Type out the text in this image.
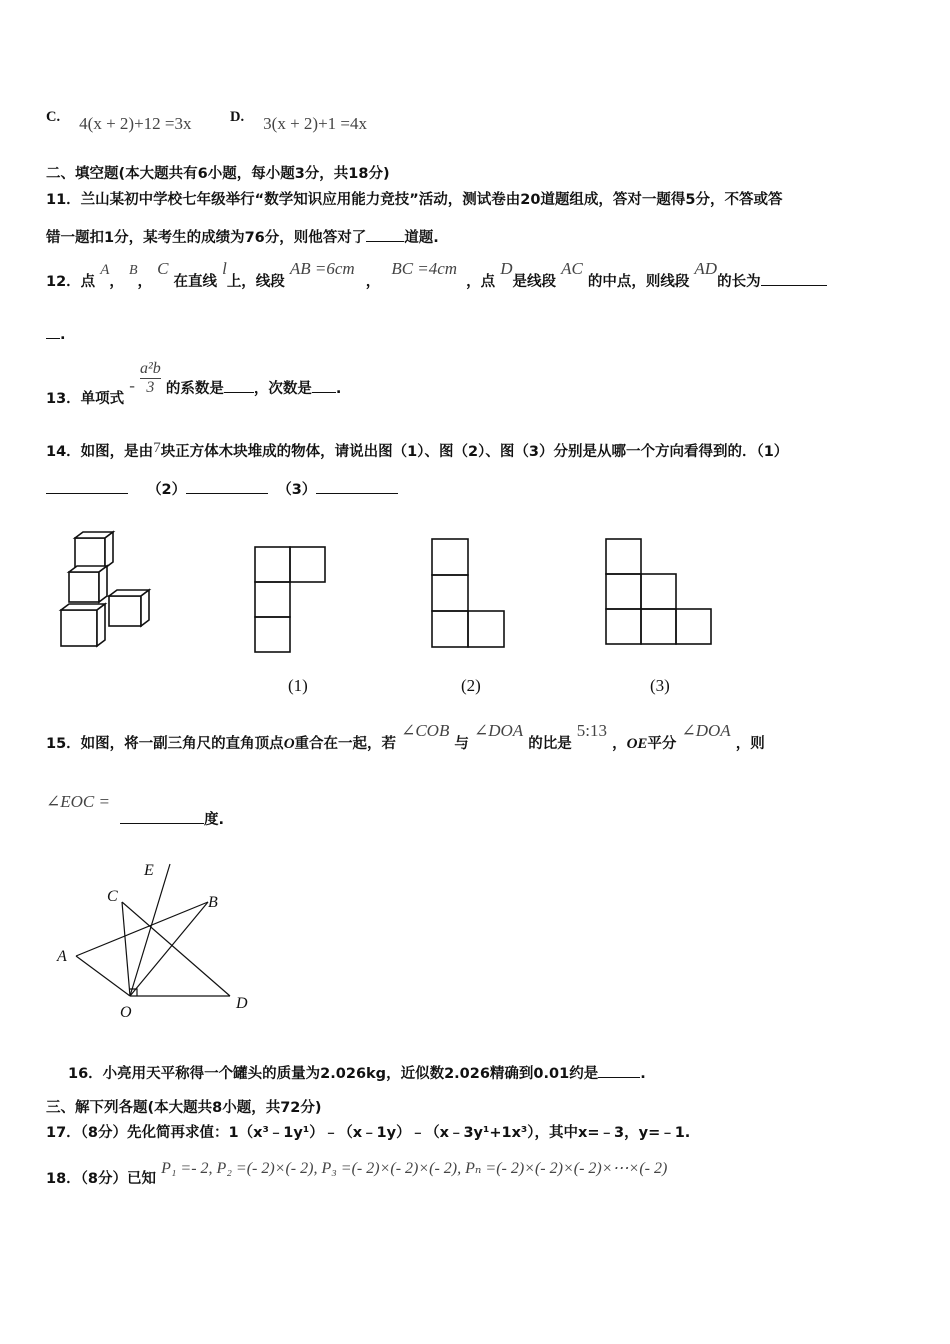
C. 4(x + 2)+12 =3x	D. 3(x + 2)+1 =4x
二、填空题(本大题共有6小题，每小题3分，共18分)
11．兰山某初中学校七年级举行“数学知识应用能力竞技”活动，测试卷由20道题组成，答对一题得5分，不答或答
错一题扣1分，某考生的成绩为76分，则他答对了	道题.
12．点 A， B， C 在直线 l上，线段 AB =6cm ， BC =4cm ，点 D是线段 AC 的中点，则线段 AD的长为
.
13．单项式 - $\frac{\text{a²b}}{3}$ 的系数是 ，次数是 .
14．如图，是由7块正方体木块堆成的物体，请说出图（1）、图（2）、图（3）分别是从哪一个方向看得到的．（1）
（2）	（3）
(1)	(2)	(3)
15．如图，将一副三角尺的直角顶点O重合在一起，若 ∠COB 与 ∠DOA 的比是 5:13 ，OE平分 ∠DOA ，则
∠EOC =
度.
E
C	B
A
O
D
16．小亮用天平称得一个罐头的质量为2.026kg，近似数2.026精确到0.01约是	.
三、解下列各题(本大题共8小题，共72分)
17．（8分）先化简再求值：1（x³﹣1y¹）﹣（x﹣1y）﹣（x﹣3y¹+1x³），其中x=﹣3，y=﹣1.
18．（8分）已知 P₁ =- 2, P₂ =(- 2)×(- 2), P₃ =(- 2)×(- 2)×(- 2), Pₙ =(- 2)×(- 2)×(- 2)×⋯×(- 2)
